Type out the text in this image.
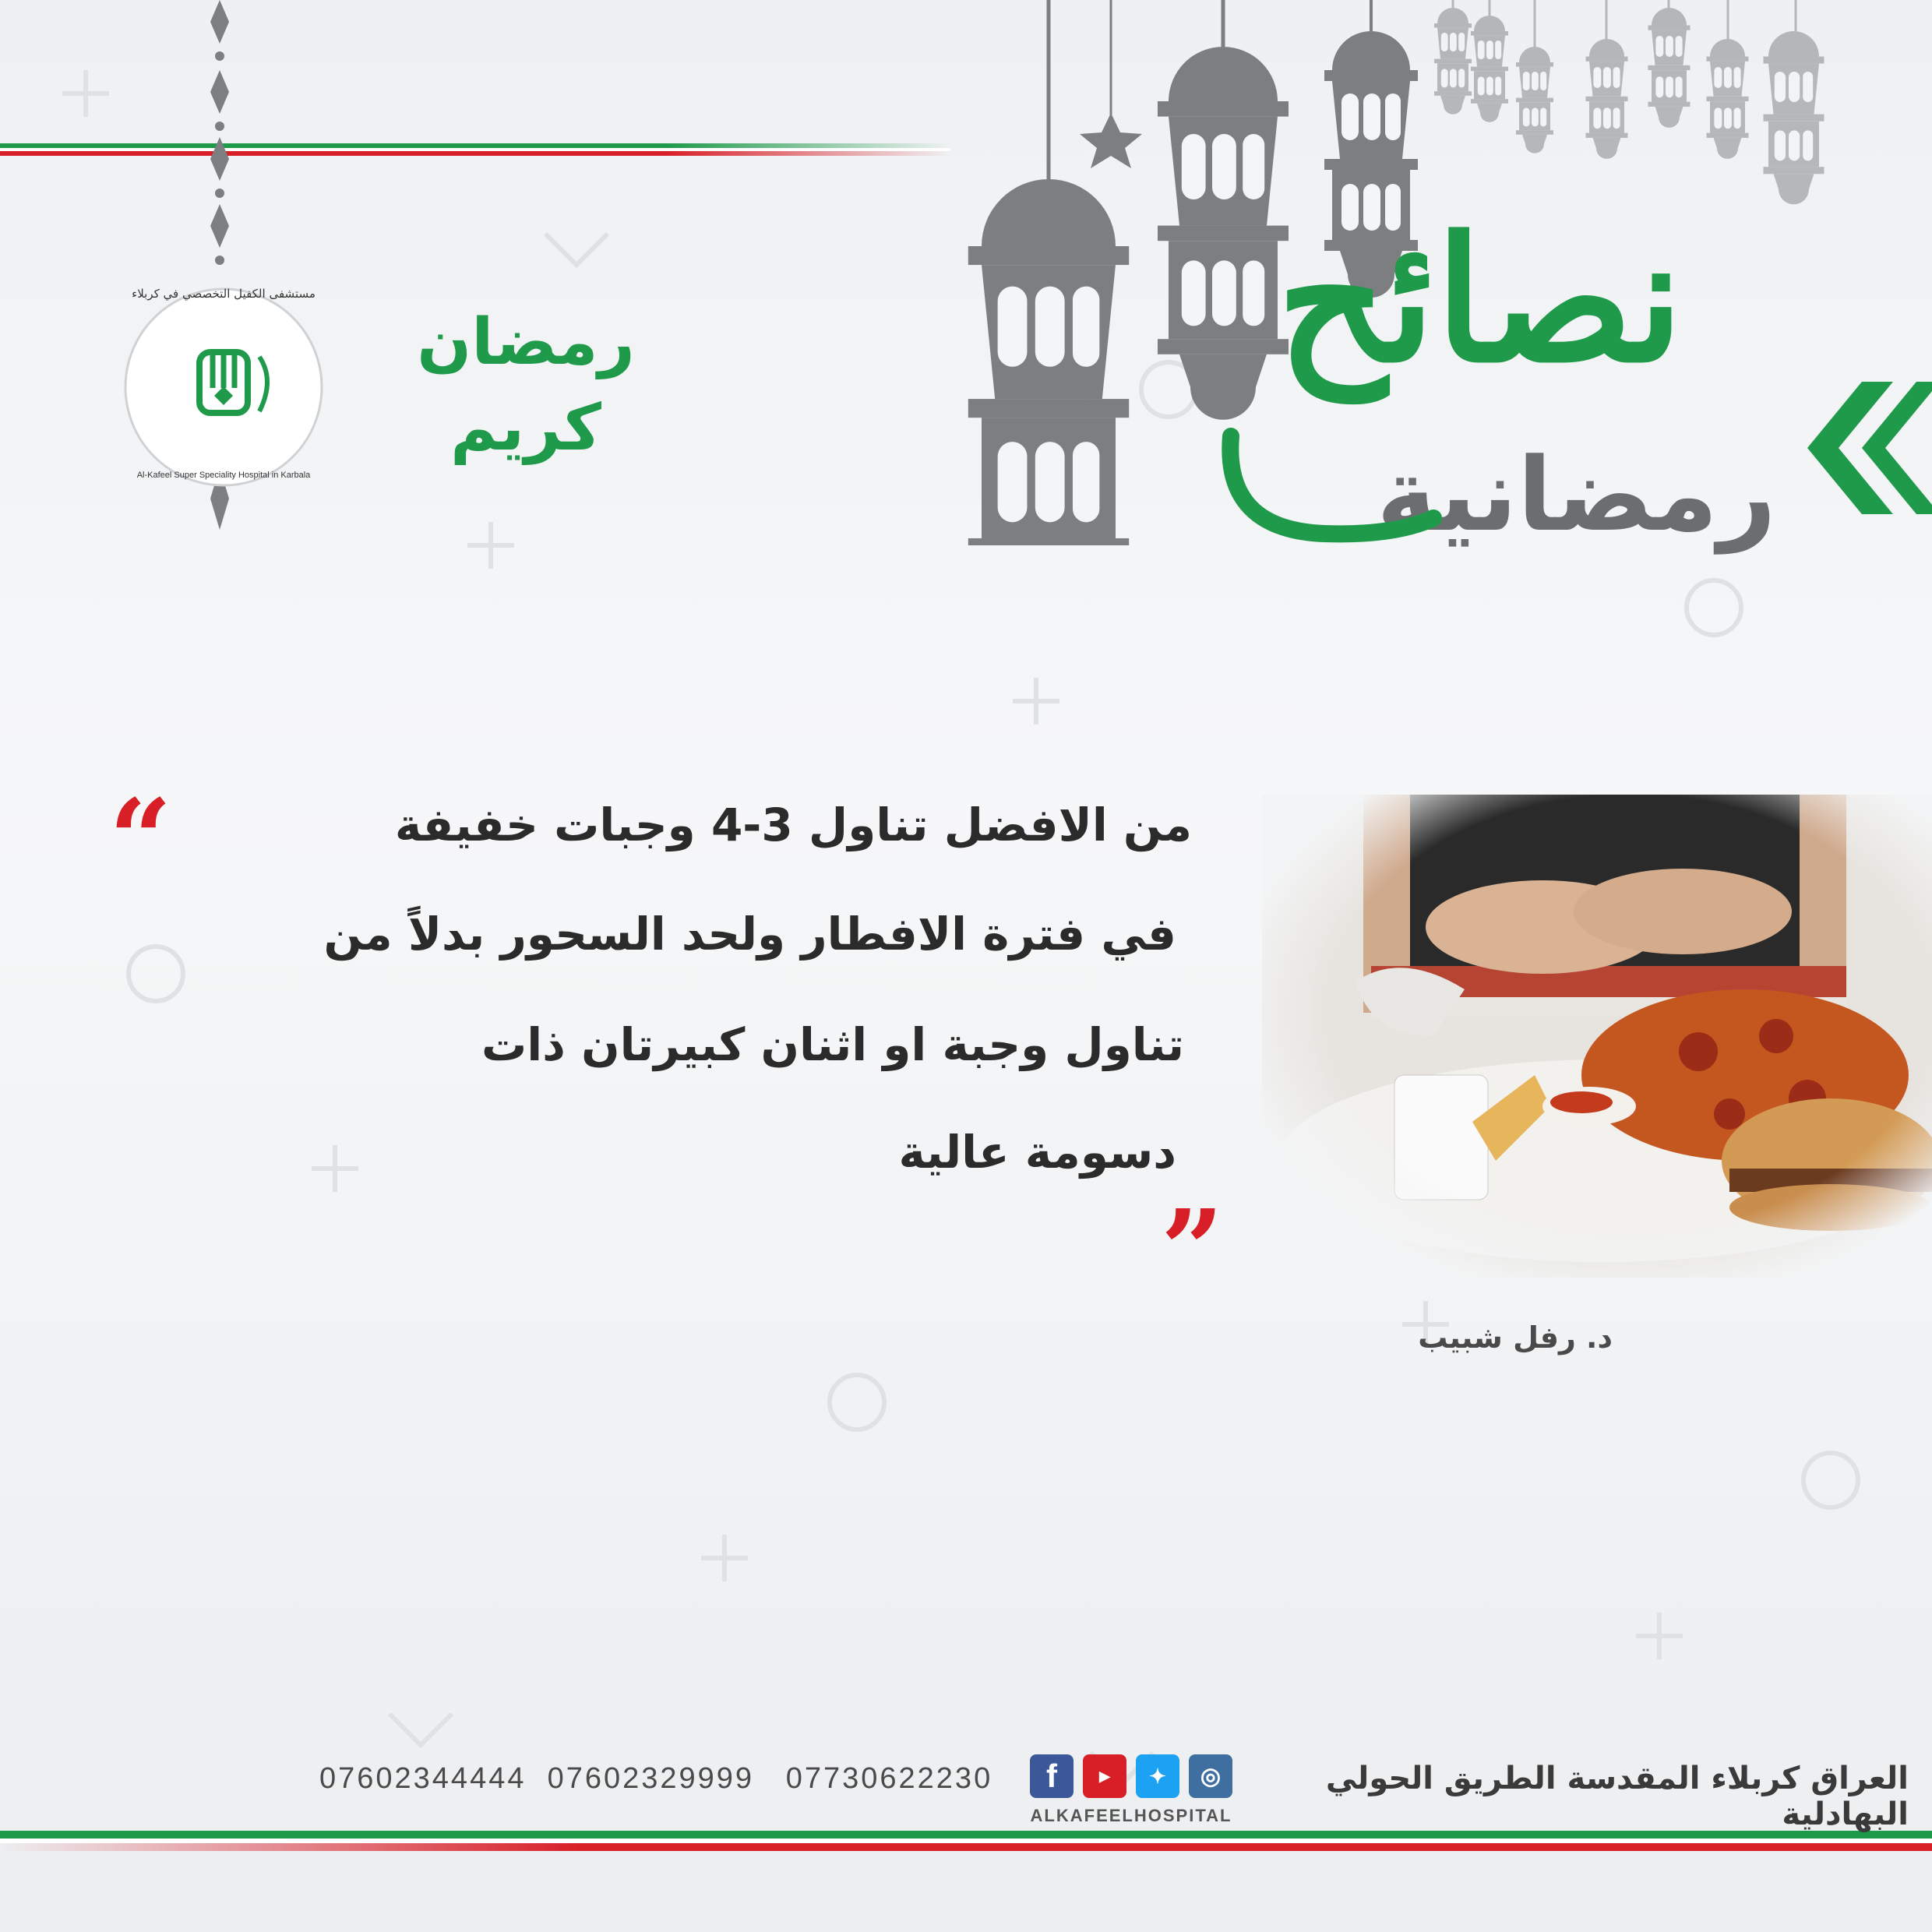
مستشفى الكفيل التخصصي في كربلاء
Al-Kafeel Super Speciality Hospital in Karbala
رمضان كريم
نصائح
رمضانية
“
”
من الافضل تناول 3-4 وجبات خفيفة
في فترة الافطار ولحد السحور بدلاً من
تناول وجبة او اثنان كبيرتان ذات
دسومة عالية
د. رفل شبيب
العراق كربلاء المقدسة الطريق الحولي البهادلية
f	▶	✦	◎
ALKAFEELHOSPITAL
07602344444  07602329999   07730622230
